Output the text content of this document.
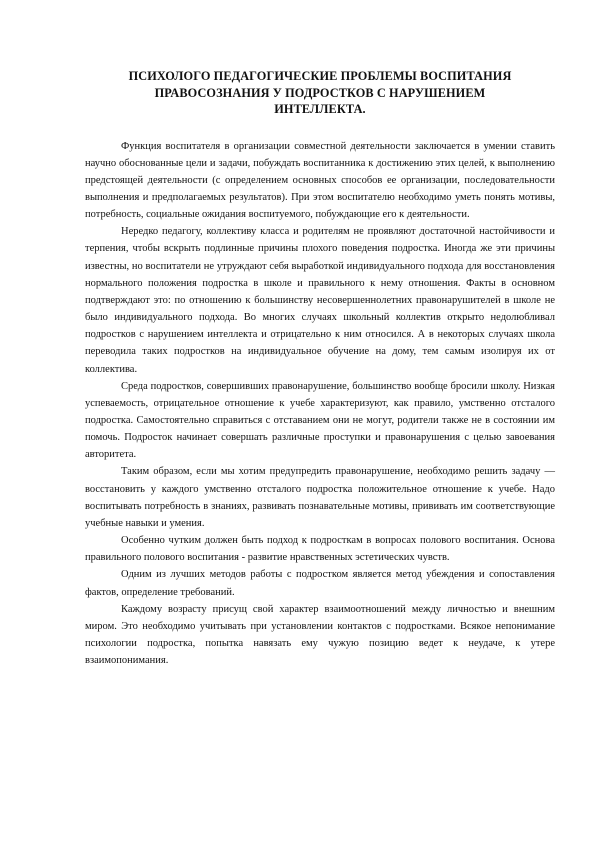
ПСИХОЛОГО ПЕДАГОГИЧЕСКИЕ ПРОБЛЕМЫ ВОСПИТАНИЯ
ПРАВОСОЗНАНИЯ У ПОДРОСТКОВ С НАРУШЕНИЕМ
ИНТЕЛЛЕКТА.

Функция воспитателя в организации совместной деятельности заключается в умении ставить научно обоснованные цели и задачи, побуждать воспитанника к достижению этих целей, к выполнению предстоящей деятельности (с определением основных способов ее организации, последовательности выполнения и предполагаемых результатов). При этом воспитателю необходимо уметь понять мотивы, потребность, социальные ожидания воспитуемого, побуждающие его к деятельности.

Нередко педагогу, коллективу класса и родителям не проявляют достаточной настойчивости и терпения, чтобы вскрыть подлинные причины плохого поведения подростка. Иногда же эти причины известны, но воспитатели не утруждают себя выработкой индивидуального подхода для восстановления нормального положения подростка в школе и правильного к нему отношения. Факты в основном подтверждают это: по отношению к большинству несовершеннолетних правонарушителей в школе не было индивидуального подхода. Во многих случаях школьный коллектив открыто недолюбливал подростков с нарушением интеллекта и отрицательно к ним относился. А в некоторых случаях школа переводила таких подростков на индивидуальное обучение на дому, тем самым изолируя их от коллектива.

Среда подростков, совершивших правонарушение, большинство вообще бросили школу. Низкая успеваемость, отрицательное отношение к учебе характеризуют, как правило, умственно отсталого подростка. Самостоятельно справиться с отставанием они не могут, родители также не в состоянии им помочь. Подросток начинает совершать различные проступки и правонарушения с целью завоевания авторитета.

Таким образом, если мы хотим предупредить правонарушение, необходимо решить задачу — восстановить у каждого умственно отсталого подростка положительное отношение к учебе. Надо воспитывать потребность в знаниях, развивать познавательные мотивы, прививать им соответствующие учебные навыки и умения.

Особенно чутким должен быть подход к подросткам в вопросах полового воспитания. Основа правильного полового воспитания - развитие нравственных эстетических чувств.

Одним из лучших методов работы с подростком является метод убеждения и сопоставления фактов, определение требований.

Каждому возрасту присущ свой характер взаимоотношений между личностью и внешним миром. Это необходимо учитывать при установлении контактов с подростками. Всякое непонимание психологии подростка, попытка навязать ему чужую позицию ведет к неудаче, к утере взаимопонимания.
